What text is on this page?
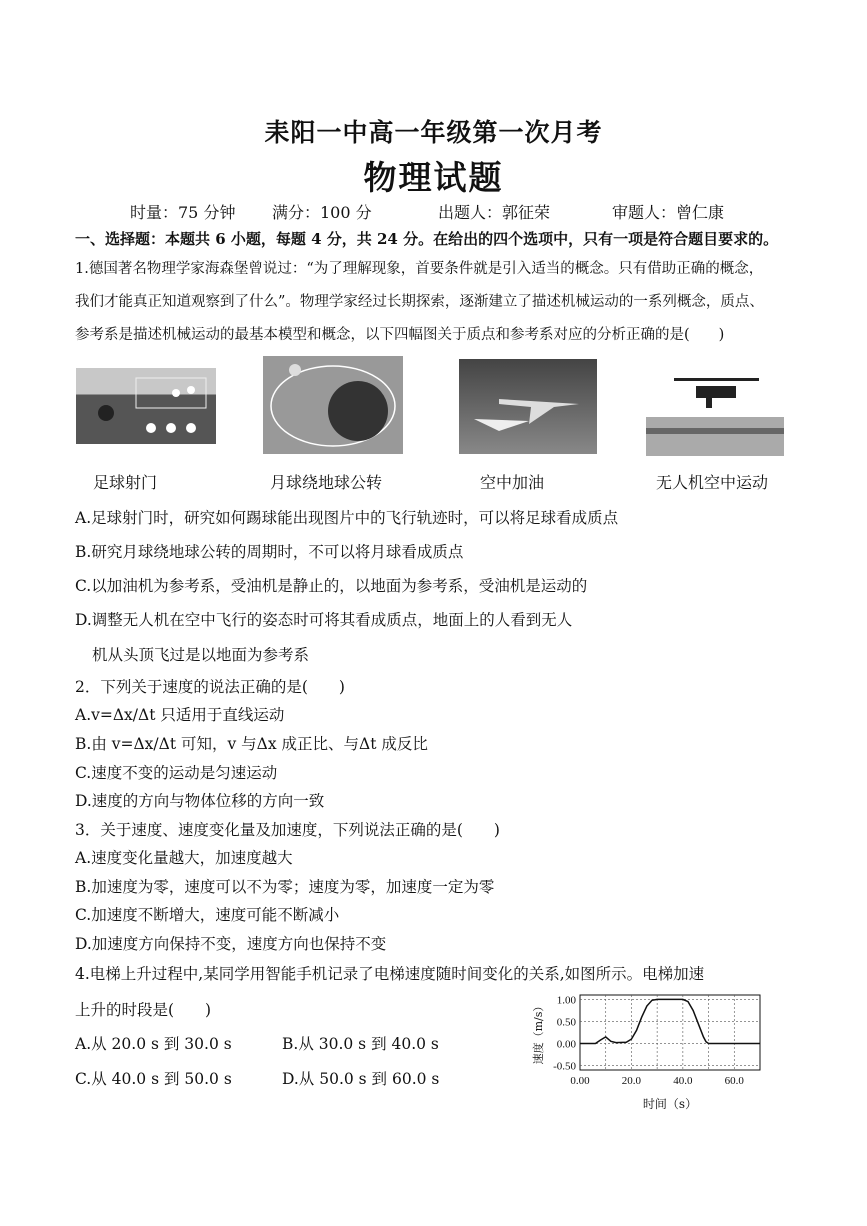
耒阳一中高一年级第一次月考
物理试题
时量：75 分钟 满分：100 分	出题人：郭征荣	审题人：曾仁康
一、选择题：本题共 6 小题，每题 4 分，共 24 分。在给出的四个选项中，只有一项是符合题目要求的。
1.德国著名物理学家海森堡曾说过：“为了理解现象，首要条件就是引入适当的概念。只有借助正确的概念，
我们才能真正知道观察到了什么”。物理学家经过长期探索，逐渐建立了描述机械运动的一系列概念，质点、
参考系是描述机械运动的最基本模型和概念，以下四幅图关于质点和参考系对应的分析正确的是(　　)
足球射门	月球绕地球公转	空中加油	无人机空中运动
A.足球射门时，研究如何踢球能出现图片中的飞行轨迹时，可以将足球看成质点
B.研究月球绕地球公转的周期时，不可以将月球看成质点
C.以加油机为参考系，受油机是静止的，以地面为参考系，受油机是运动的
D.调整无人机在空中飞行的姿态时可将其看成质点，地面上的人看到无人
机从头顶飞过是以地面为参考系
2．下列关于速度的说法正确的是(　　)
A.v=Δx/Δt 只适用于直线运动
B.由 v=Δx/Δt 可知，v 与Δx 成正比、与Δt 成反比
C.速度不变的运动是匀速运动
D.速度的方向与物体位移的方向一致
3．关于速度、速度变化量及加速度，下列说法正确的是(　　)
A.速度变化量越大，加速度越大
B.加速度为零，速度可以不为零；速度为零，加速度一定为零
C.加速度不断增大，速度可能不断减小
D.加速度方向保持不变，速度方向也保持不变
4.电梯上升过程中,某同学用智能手机记录了电梯速度随时间变化的关系,如图所示。电梯加速
上升的时段是(　　)
A.从 20.0 s 到 30.0 s	B.从 30.0 s 到 40.0 s
C.从 40.0 s 到 50.0 s	D.从 50.0 s 到 60.0 s
1.00
0.50
0.00
-0.50
0.00	20.0	40.0	60.0
时间（s）
速度（m/s）
